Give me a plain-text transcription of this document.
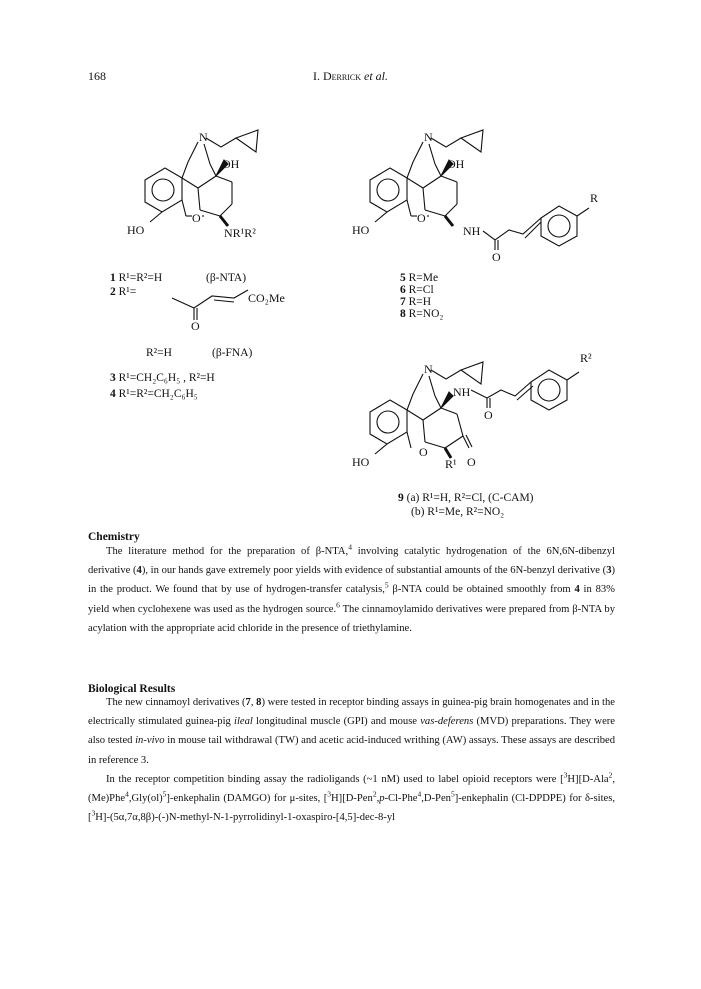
168	I. Derrick et al.
N
OH
HO
O
NR¹R²
N
OH
HO
O
NH
O
R
N
NH
O
R²
HO
O
R¹ O
1 R¹=R²=H	(β-NTA)
2 R¹=	CO₂Me
O
R²=H	(β-FNA)
3 R¹=CH₂C₆H₅ , R²=H
4 R¹=R²=CH₂C₆H₅
5 R=Me
6 R=Cl
7 R=H
8 R=NO₂
9 (a) R¹=H, R²=Cl, (C-CAM)
(b) R¹=Me, R²=NO₂
Chemistry

The literature method for the preparation of β-NTA,$^4$ involving catalytic hydrogenation of the 6N,6N-dibenzyl derivative (4), in our hands gave extremely poor yields with evidence of substantial amounts of the 6N-benzyl derivative (3) in the product. We found that by use of hydrogen-transfer catalysis,$^5$ β-NTA could be obtained smoothly from 4 in 83% yield when cyclohexene was used as the hydrogen source.$^6$ The cinnamoylamido derivatives were prepared from β-NTA by acylation with the appropriate acid chloride in the presence of triethylamine.

Biological Results

The new cinnamoyl derivatives (7, 8) were tested in receptor binding assays in guinea-pig brain homogenates and in the electrically stimulated guinea-pig ileal longitudinal muscle (GPI) and mouse vas-deferens (MVD) preparations. They were also tested in-vivo in mouse tail withdrawal (TW) and acetic acid-induced writhing (AW) assays. These assays are described in reference 3.

In the receptor competition binding assay the radioligands (~1 nM) used to label opioid receptors were [$^3$H][D-Ala$^2$,(Me)Phe$^4$,Gly(ol)$^5$]-enkephalin (DAMGO) for μ-sites, [$^3$H][D-Pen$^2$,p-Cl-Phe$^4$,D-Pen$^5$]-enkephalin (Cl-DPDPE) for δ-sites, [$^3$H]-(5α,7α,8β)-(-)N-methyl-N-1-pyrrolidinyl-1-oxaspiro-[4,5]-dec-8-yl
